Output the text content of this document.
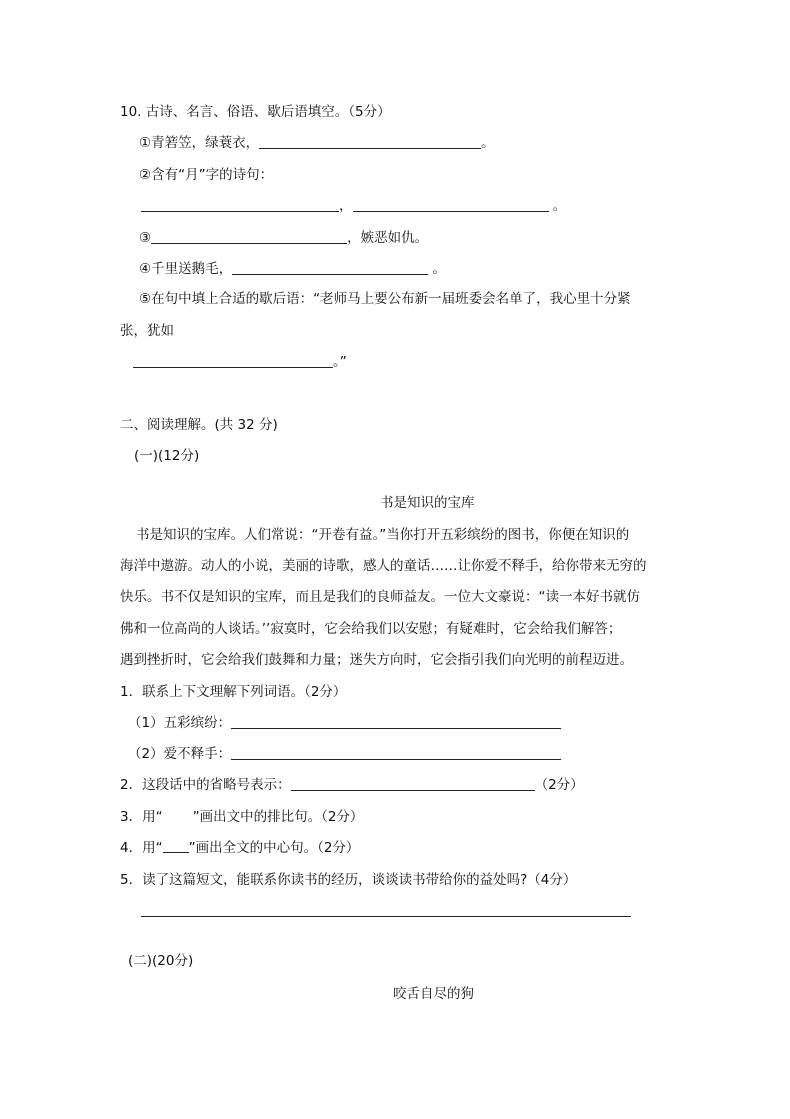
10. 古诗、名言、俗语、歇后语填空。（5分）
①青箬笠，绿蓑衣，	。
②含有“月”字的诗句：
，	。
③	，嫉恶如仇。
④千里送鹅毛，	。
⑤在句中填上合适的歇后语：“老师马上要公布新一届班委会名单了，我心里十分紧
张，犹如
。”
二、阅读理解。(共 32 分)
(一)(12分)
书是知识的宝库
书是知识的宝库。人们常说：“开卷有益。”当你打开五彩缤纷的图书，你便在知识的
海洋中遨游。动人的小说，美丽的诗歌，感人的童话……让你爱不释手，给你带来无穷的
快乐。书不仅是知识的宝库，而且是我们的良师益友。一位大文豪说：“读一本好书就仿
佛和一位高尚的人谈话。’’寂寞时，它会给我们以安慰；有疑难时，它会给我们解答；
遇到挫折时，它会给我们鼓舞和力量；迷失方向时，它会指引我们向光明的前程迈进。
1．联系上下文理解下列词语。（2分）
（1）五彩缤纷：
（2）爱不释手：
2．这段话中的省略号表示：	（2分）
3．用“ ”画出文中的排比句。（2分）
4．用“ ”画出全文的中心句。（2分）
5．读了这篇短文，能联系你读书的经历，谈谈读书带给你的益处吗?（4分）
(二)(20分)
咬舌自尽的狗
